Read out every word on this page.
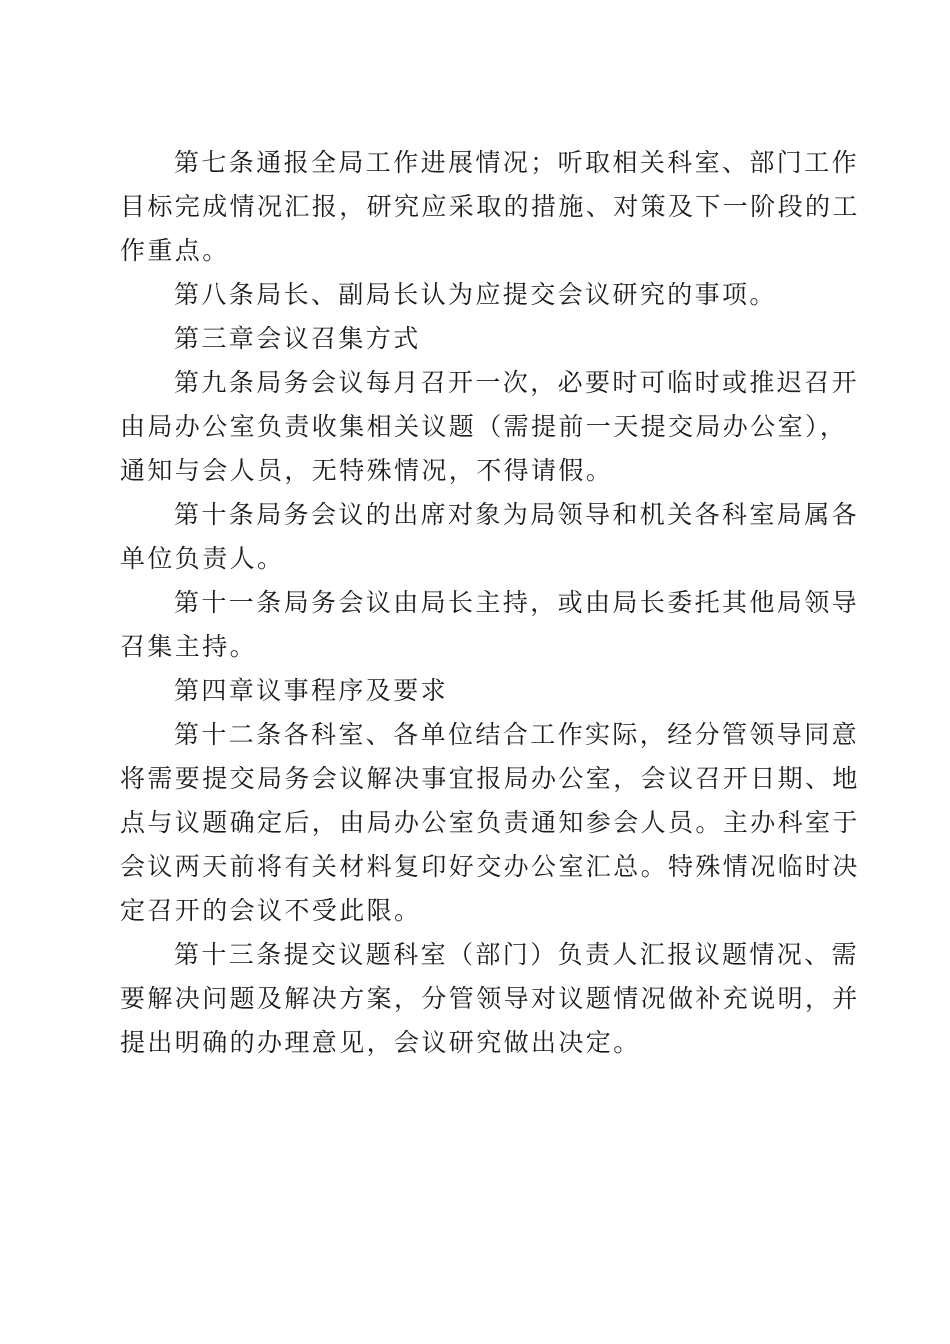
第七条通报全局工作进展情况；听取相关科室、部门工作
目标完成情况汇报，研究应采取的措施、对策及下一阶段的工
作重点。
第八条局长、副局长认为应提交会议研究的事项。
第三章会议召集方式
第九条局务会议每月召开一次，必要时可临时或推迟召开
由局办公室负责收集相关议题（需提前一天提交局办公室），
通知与会人员，无特殊情况，不得请假。
第十条局务会议的出席对象为局领导和机关各科室局属各
单位负责人。
第十一条局务会议由局长主持，或由局长委托其他局领导
召集主持。
第四章议事程序及要求
第十二条各科室、各单位结合工作实际，经分管领导同意
将需要提交局务会议解决事宜报局办公室，会议召开日期、地
点与议题确定后，由局办公室负责通知参会人员。主办科室于
会议两天前将有关材料复印好交办公室汇总。特殊情况临时决
定召开的会议不受此限。
第十三条提交议题科室（部门）负责人汇报议题情况、需
要解决问题及解决方案，分管领导对议题情况做补充说明，并
提出明确的办理意见，会议研究做出决定。
